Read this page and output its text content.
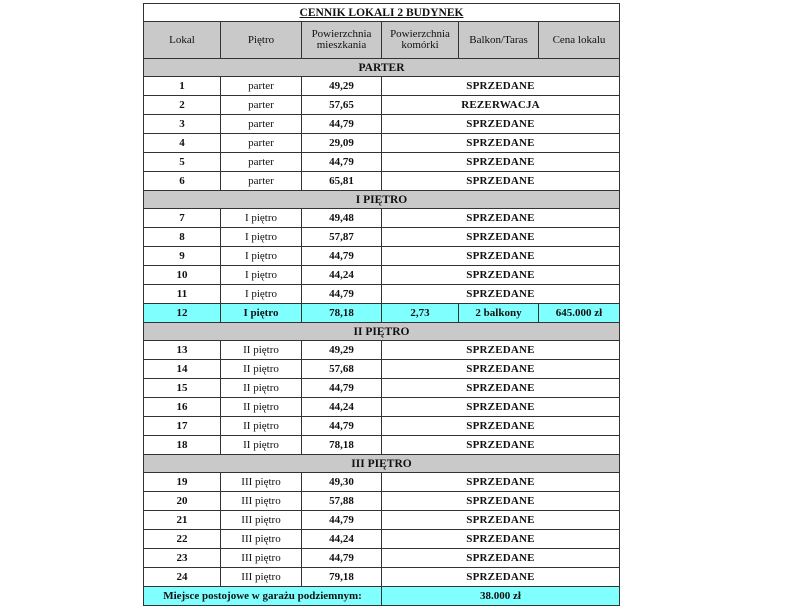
CENNIK LOKALI 2 BUDYNEK					
Lokal	Piętro	Powierzchnia mieszkania	Powierzchnia komórki	Balkon/Taras	Cena lokalu
PARTER					
1	parter	49,29	SPRZEDANE		
2	parter	57,65	REZERWACJA		
3	parter	44,79	SPRZEDANE		
4	parter	29,09	SPRZEDANE		
5	parter	44,79	SPRZEDANE		
6	parter	65,81	SPRZEDANE		
I PIĘTRO					
7	I piętro	49,48	SPRZEDANE		
8	I piętro	57,87	SPRZEDANE		
9	I piętro	44,79	SPRZEDANE		
10	I piętro	44,24	SPRZEDANE		
11	I piętro	44,79	SPRZEDANE		
12	I piętro	78,18	2,73	2 balkony	645.000 zł
II PIĘTRO					
13	II piętro	49,29	SPRZEDANE		
14	II piętro	57,68	SPRZEDANE		
15	II piętro	44,79	SPRZEDANE		
16	II piętro	44,24	SPRZEDANE		
17	II piętro	44,79	SPRZEDANE		
18	II piętro	78,18	SPRZEDANE		
III PIĘTRO					
19	III piętro	49,30	SPRZEDANE		
20	III piętro	57,88	SPRZEDANE		
21	III piętro	44,79	SPRZEDANE		
22	III piętro	44,24	SPRZEDANE		
23	III piętro	44,79	SPRZEDANE		
24	III piętro	79,18	SPRZEDANE		
Miejsce postojowe w garażu podziemnym:			38.000 zł		
